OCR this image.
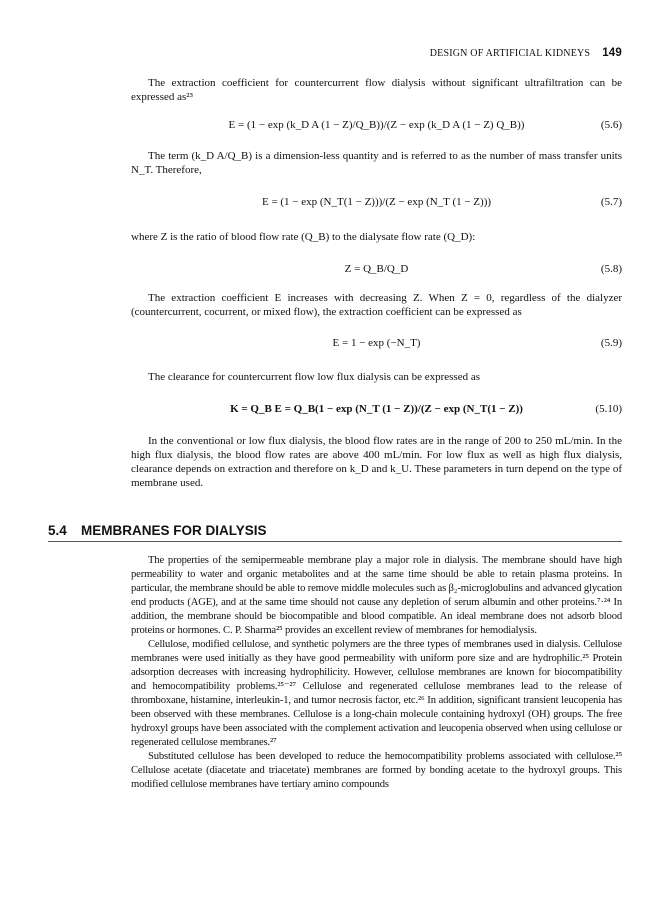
DESIGN OF ARTIFICIAL KIDNEYS 149

The extraction coefficient for countercurrent flow dialysis without significant ultrafiltration can be expressed as²³

E = (1 − exp (k_D A (1 − Z)/Q_B))/(Z − exp (k_D A (1 − Z) Q_B))	(5.6)

The term (k_D A/Q_B) is a dimension-less quantity and is referred to as the number of mass transfer units N_T. Therefore,

E = (1 − exp (N_T(1 − Z)))/(Z − exp (N_T (1 − Z)))	(5.7)

where Z is the ratio of blood flow rate (Q_B) to the dialysate flow rate (Q_D):

Z = Q_B/Q_D	(5.8)

The extraction coefficient E increases with decreasing Z. When Z = 0, regardless of the dialyzer (countercurrent, cocurrent, or mixed flow), the extraction coefficient can be expressed as

E = 1 − exp (−N_T)	(5.9)

The clearance for countercurrent flow low flux dialysis can be expressed as

K = Q_B E = Q_B(1 − exp (N_T (1 − Z))/(Z − exp (N_T(1 − Z))	(5.10)

In the conventional or low flux dialysis, the blood flow rates are in the range of 200 to 250 mL/min. In the high flux dialysis, the blood flow rates are above 400 mL/min. For low flux as well as high flux dialysis, clearance depends on extraction and therefore on k_D and k_U. These parameters in turn depend on the type of membrane used.

5.4 MEMBRANES FOR DIALYSIS

The properties of the semipermeable membrane play a major role in dialysis. The membrane should have high permeability to water and organic metabolites and at the same time should be able to retain plasma proteins. In particular, the membrane should be able to remove middle molecules such as β₂-microglobulins and advanced glycation end products (AGE), and at the same time should not cause any depletion of serum albumin and other proteins.⁷·²⁴ In addition, the membrane should be biocompatible and blood compatible. An ideal membrane does not adsorb blood proteins or hormones. C. P. Sharma²⁵ provides an excellent review of membranes for hemodialysis.

Cellulose, modified cellulose, and synthetic polymers are the three types of membranes used in dialysis. Cellulose membranes were used initially as they have good permeability with uniform pore size and are hydrophilic.²⁵ Protein adsorption decreases with increasing hydrophilicity. However, cellulose membranes are known for biocompatibility and hemocompatibility problems.²⁵⁻²⁷ Cellulose and regenerated cellulose membranes lead to the release of thromboxane, histamine, interleukin-1, and tumor necrosis factor, etc.²⁶ In addition, significant transient leucopenia has been observed with these membranes. Cellulose is a long-chain molecule containing hydroxyl (OH) groups. The free hydroxyl groups have been associated with the complement activation and leucopenia observed when using cellulose or regenerated cellulose membranes.²⁷

Substituted cellulose has been developed to reduce the hemocompatibility problems associated with cellulose.²⁵ Cellulose acetate (diacetate and triacetate) membranes are formed by bonding acetate to the hydroxyl groups. This modified cellulose membranes have tertiary amino compounds
